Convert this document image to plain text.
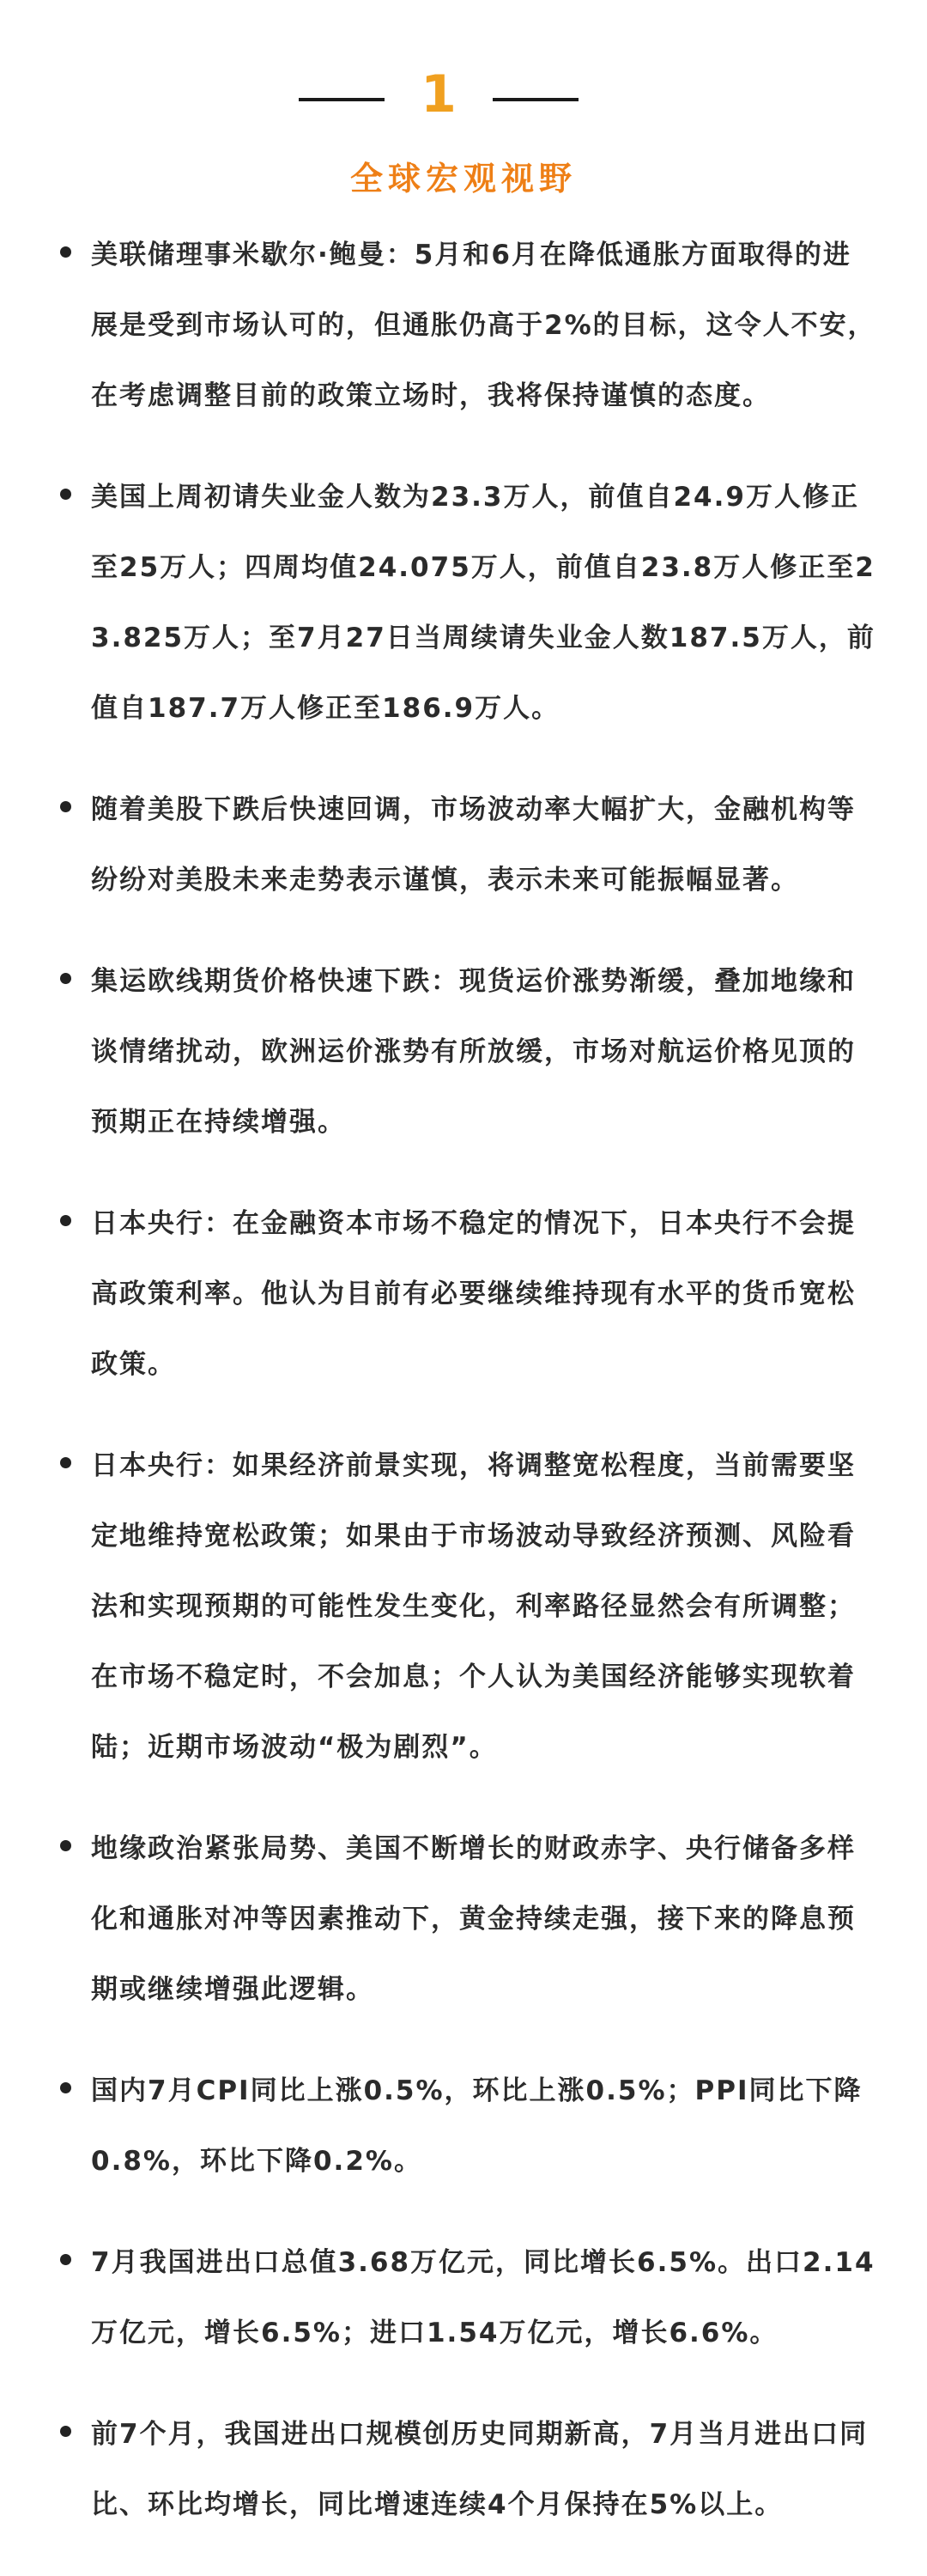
1
全球宏观视野
美联储理事米歇尔·鲍曼：5月和6月在降低通胀方面取得的进展是受到市场认可的，但通胀仍高于2%的目标，这令人不安，在考虑调整目前的政策立场时，我将保持谨慎的态度。
美国上周初请失业金人数为23.3万人，前值自24.9万人修正至25万人；四周均值24.075万人，前值自23.8万人修正至23.825万人；至7月27日当周续请失业金人数187.5万人，前值自187.7万人修正至186.9万人。
随着美股下跌后快速回调，市场波动率大幅扩大，金融机构等纷纷对美股未来走势表示谨慎，表示未来可能振幅显著。
集运欧线期货价格快速下跌：现货运价涨势渐缓，叠加地缘和谈情绪扰动，欧洲运价涨势有所放缓，市场对航运价格见顶的预期正在持续增强。
日本央行：在金融资本市场不稳定的情况下，日本央行不会提高政策利率。他认为目前有必要继续维持现有水平的货币宽松政策。
日本央行：如果经济前景实现，将调整宽松程度，当前需要坚定地维持宽松政策；如果由于市场波动导致经济预测、风险看法和实现预期的可能性发生变化，利率路径显然会有所调整；在市场不稳定时，不会加息；个人认为美国经济能够实现软着陆；近期市场波动“极为剧烈”。
地缘政治紧张局势、美国不断增长的财政赤字、央行储备多样化和通胀对冲等因素推动下，黄金持续走强，接下来的降息预期或继续增强此逻辑。
国内7月CPI同比上涨0.5%，环比上涨0.5%；PPI同比下降0.8%，环比下降0.2%。
7月我国进出口总值3.68万亿元，同比增长6.5%。出口2.14万亿元，增长6.5%；进口1.54万亿元，增长6.6%。
前7个月，我国进出口规模创历史同期新高，7月当月进出口同比、环比均增长，同比增速连续4个月保持在5%以上。
